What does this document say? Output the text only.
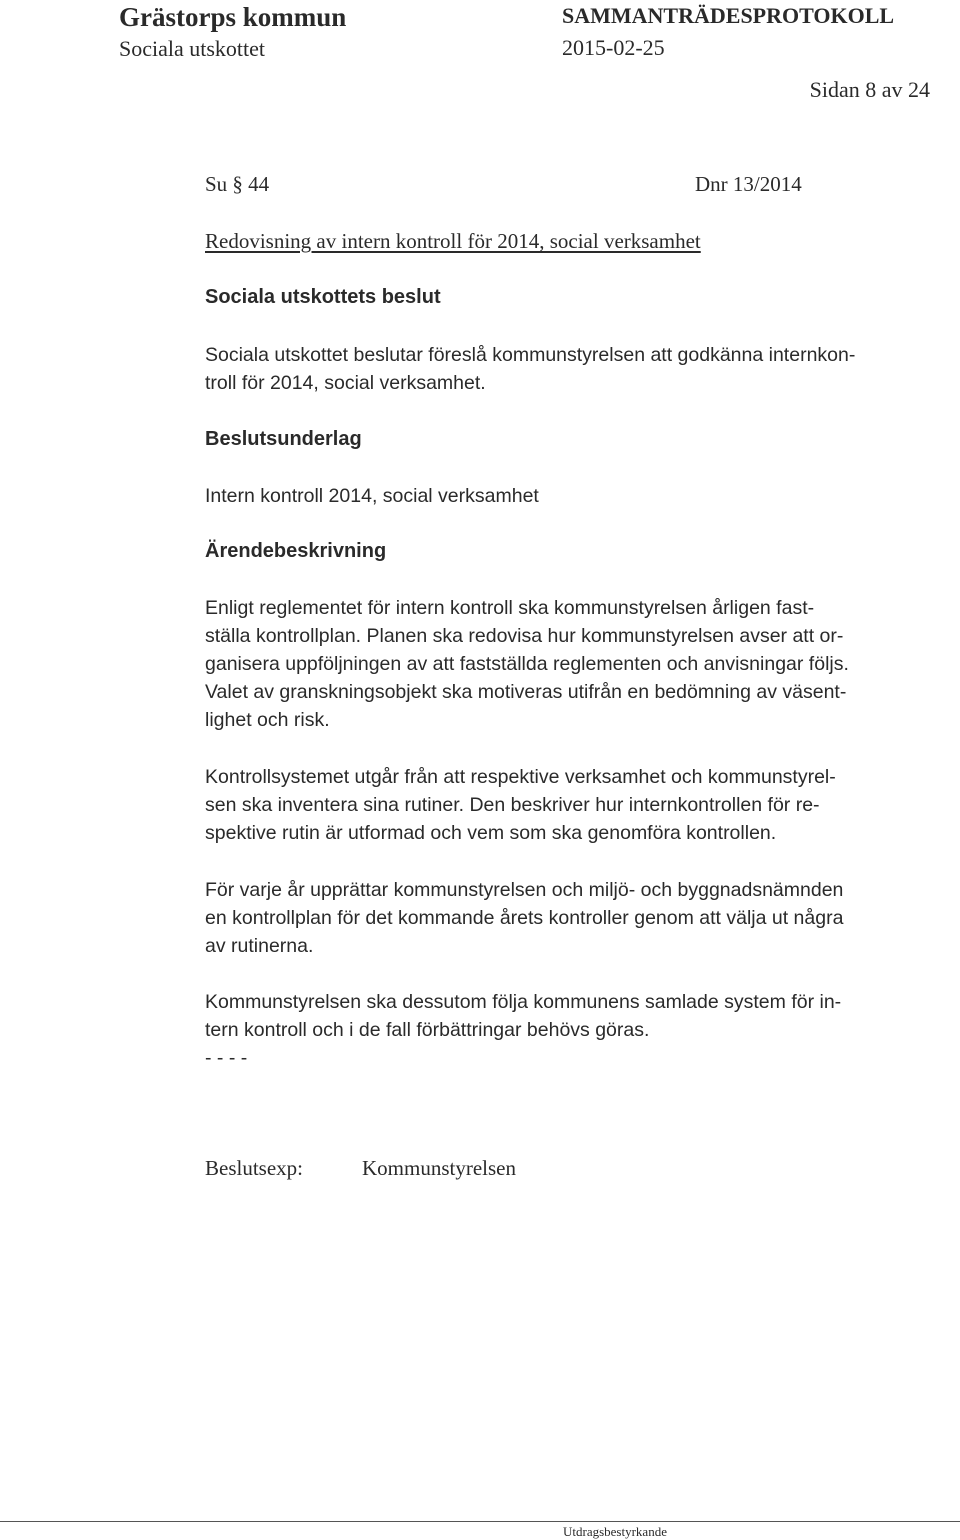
Grästorps kommun
Sociala utskottet
SAMMANTRÄDESPROTOKOLL
2015-02-25
Sidan 8 av 24
Su § 44	Dnr 13/2014
Redovisning av intern kontroll för 2014, social verksamhet
Sociala utskottets beslut
Sociala utskottet beslutar föreslå kommunstyrelsen att godkänna internkon-
troll för 2014, social verksamhet.
Beslutsunderlag
Intern kontroll 2014, social verksamhet
Ärendebeskrivning
Enligt reglementet för intern kontroll ska kommunstyrelsen årligen fast-
ställa kontrollplan. Planen ska redovisa hur kommunstyrelsen avser att or-
ganisera uppföljningen av att fastställda reglementen och anvisningar följs.
Valet av granskningsobjekt ska motiveras utifrån en bedömning av väsent-
lighet och risk.
Kontrollsystemet utgår från att respektive verksamhet och kommunstyrel-
sen ska inventera sina rutiner. Den beskriver hur internkontrollen för re-
spektive rutin är utformad och vem som ska genomföra kontrollen.
För varje år upprättar kommunstyrelsen och miljö- och byggnadsnämnden
en kontrollplan för det kommande årets kontroller genom att välja ut några
av rutinerna.
Kommunstyrelsen ska dessutom följa kommunens samlade system för in-
tern kontroll och i de fall förbättringar behövs göras.
- - - -
Beslutsexp:	Kommunstyrelsen
Utdragsbestyrkande
